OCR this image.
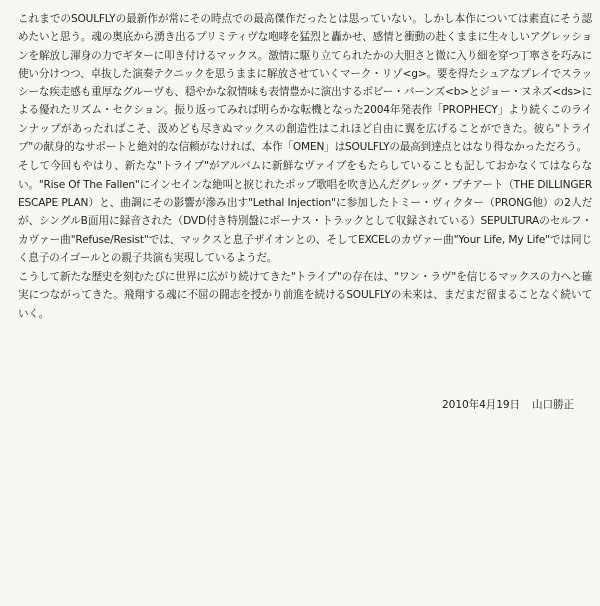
これまでのSOULFLYの最新作が常にその時点での最高傑作だったとは思っていない。しかし本作については素直にそう認めたいと思う。魂の奥底から湧き出るプリミティヴな咆哮を猛烈と轟かせ、感情と衝動の赴くままに生々しいアグレッションを解放し渾身の力でギターに叩き付けるマックス。激情に駆り立てられたかの大胆さと微に入り細を穿つ丁寧さを巧みに使い分けつつ、卓抜した演奏テクニックを思うままに解放させていくマーク・リゾ<g>。要を得たシュアなプレイでスラッシーな疾走感も重厚なグルーヴも、穏やかな叙情味も表情豊かに演出するボビー・バーンズ<b>とジョー・ヌネズ<ds>による優れたリズム・セクション。振り返ってみれば明らかな転機となった2004年発表作「PROPHECY」より続くこのラインナップがあったればこそ、汲めども尽きぬマックスの創造性はこれほど自由に翼を広げることができた。彼ら"トライブ"の献身的なサポートと絶対的な信頼がなければ、本作「OMEN」はSOULFLYの最高到達点とはなり得なかっただろう。

そして今回もやはり、新たな"トライブ"がアルバムに新鮮なヴァイブをもたらしていることも記しておかなくてはならない。"Rise Of The Fallen"にインセインな絶叫と捩じれたポップ歌唱を吹き込んだグレッグ・プチアート（THE DILLINGER ESCAPE PLAN）と、曲調にその影響が滲み出す"Lethal Injection"に参加したトミー・ヴィクター（PRONG他）の2人だが、シングルB面用に録音された（DVD付き特別盤にボーナス・トラックとして収録されている）SEPULTURAのセルフ・カヴァー曲"Refuse/Resist"では、マックスと息子ザイオンとの、そしてEXCELのカヴァー曲"Your Life, My Life"では同じく息子のイゴールとの親子共演も実現しているようだ。

こうして新たな歴史を刻むたびに世界に広がり続けてきた"トライブ"の存在は、"ワン・ラヴ"を信じるマックスの力へと確実につながってきた。飛翔する魂に不屈の闘志を授かり前進を続けるSOULFLYの未来は、まだまだ留まることなく続いていく。

2010年4月19日 山口勝正
